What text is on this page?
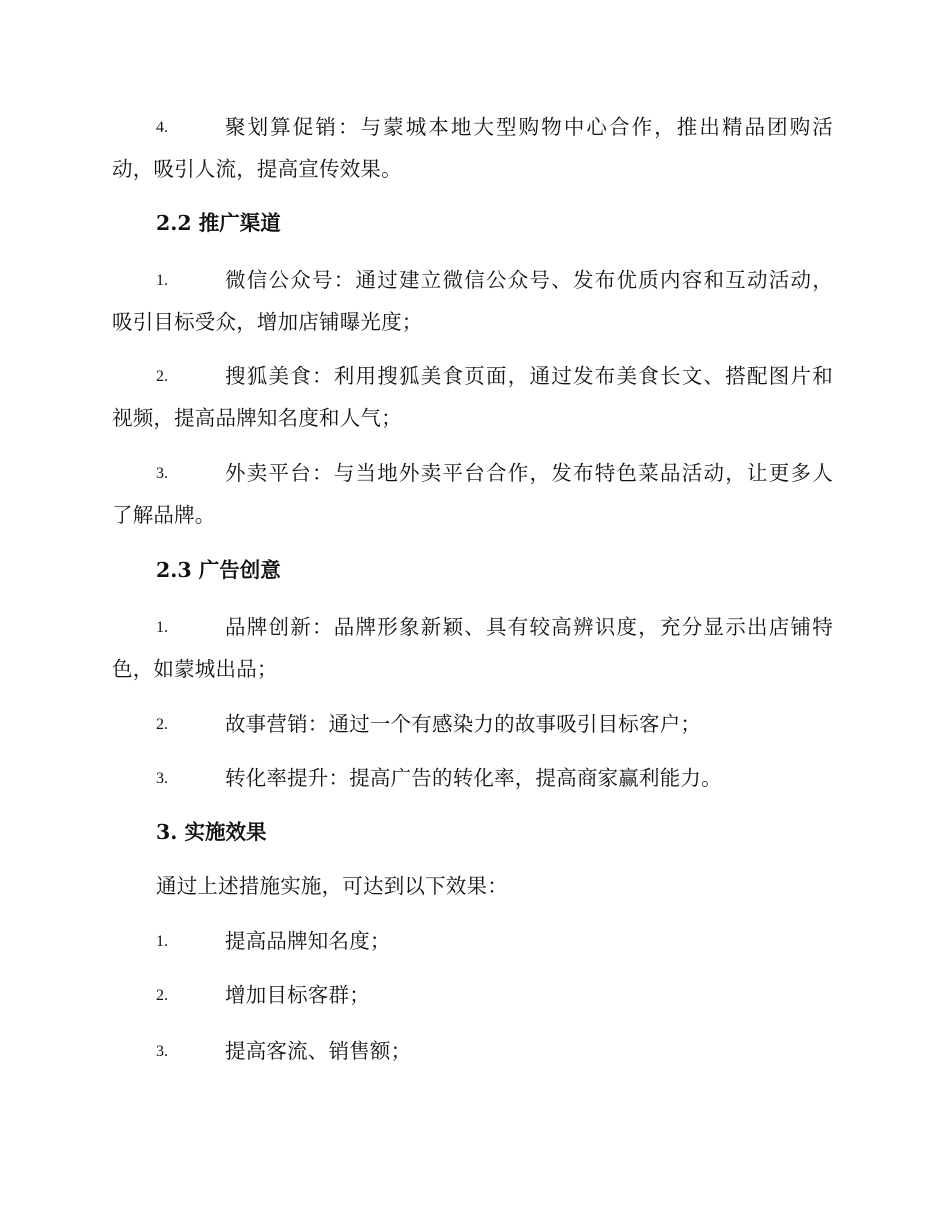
4.	聚划算促销：与蒙城本地大型购物中心合作，推出精品团购活
动，吸引人流，提高宣传效果。
2.2 推广渠道
1.	微信公众号：通过建立微信公众号、发布优质内容和互动活动，
吸引目标受众，增加店铺曝光度；
2.	搜狐美食：利用搜狐美食页面，通过发布美食长文、搭配图片和
视频，提高品牌知名度和人气；
3.	外卖平台：与当地外卖平台合作，发布特色菜品活动，让更多人
了解品牌。
2.3 广告创意
1.	品牌创新：品牌形象新颖、具有较高辨识度，充分显示出店铺特
色，如蒙城出品；
2.	故事营销：通过一个有感染力的故事吸引目标客户；
3.	转化率提升：提高广告的转化率，提高商家赢利能力。
3. 实施效果
通过上述措施实施，可达到以下效果：
1.	提高品牌知名度；
2.	增加目标客群；
3.	提高客流、销售额；
